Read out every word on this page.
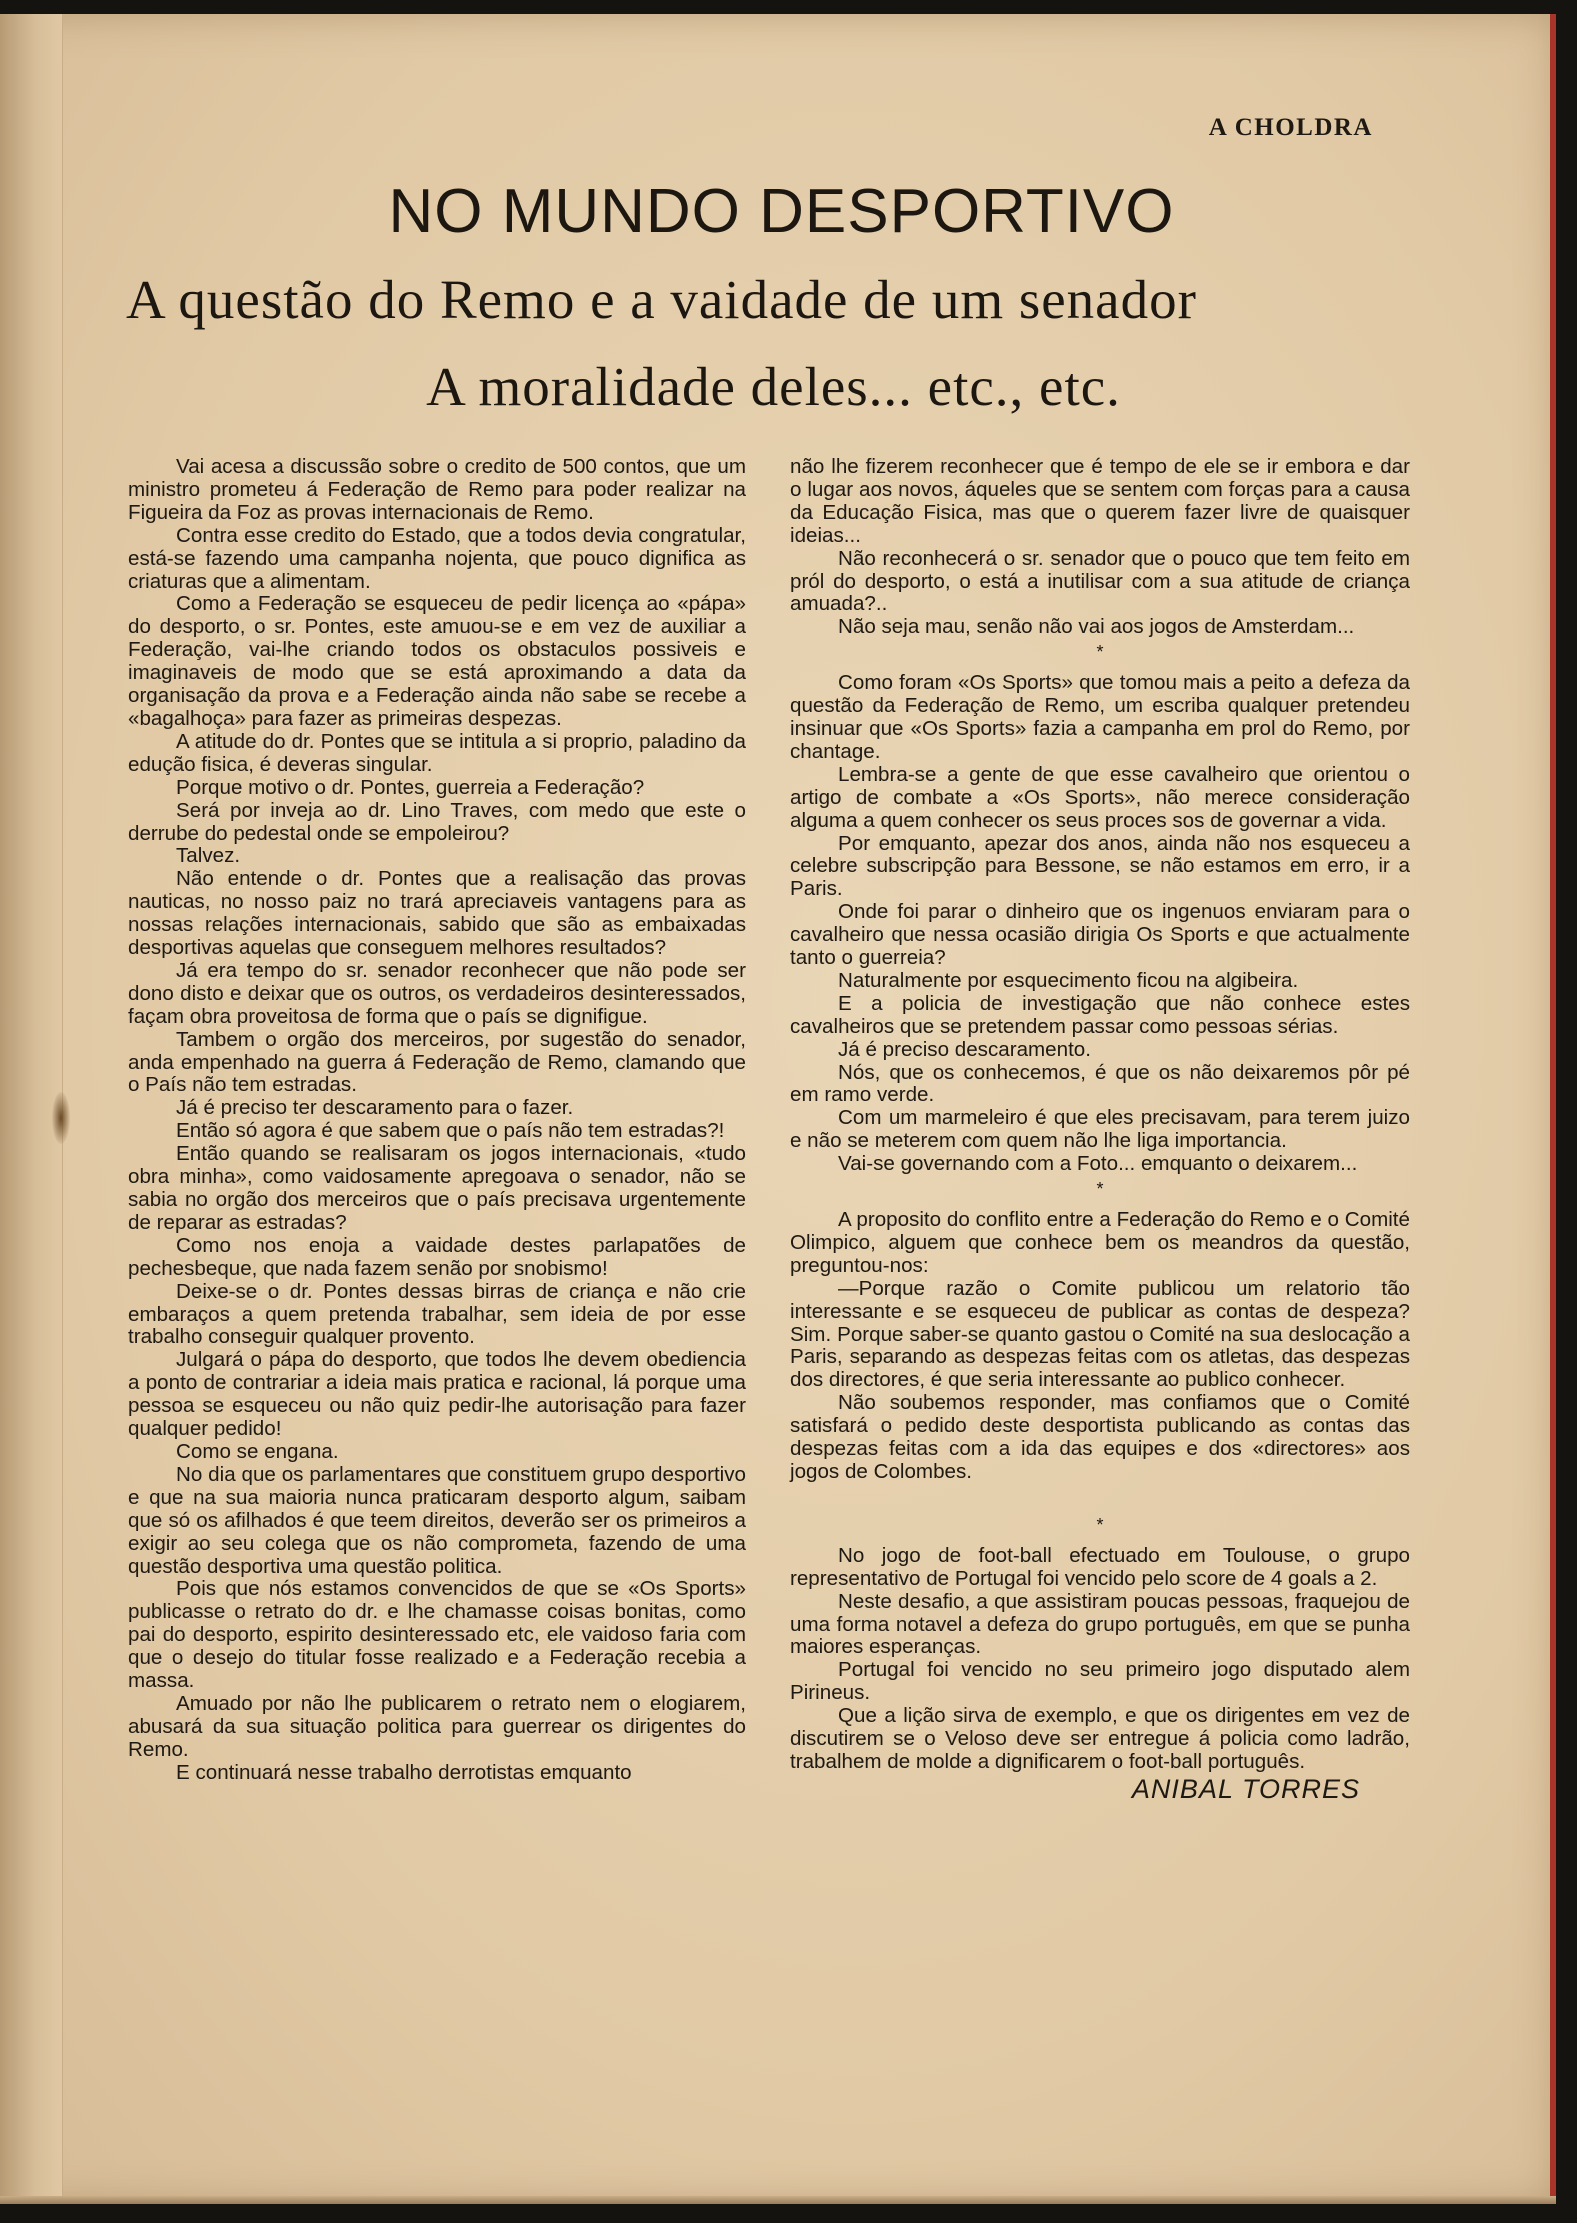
A CHOLDRA
NO MUNDO DESPORTIVO
A questão do Remo e a vaidade de um senador
A moralidade deles... etc., etc.

Vai acesa a discussão sobre o credito de 500 contos, que um ministro prometeu á Federação de Remo para poder realizar na Figueira da Foz as provas internacionais de Remo.

Contra esse credito do Estado, que a todos devia congratular, está-se fazendo uma campanha nojenta, que pouco dignifica as criaturas que a alimentam.

Como a Federação se esqueceu de pedir licença ao «pápa» do desporto, o sr. Pontes, este amuou-se e em vez de auxiliar a Federação, vai-lhe criando todos os obstaculos possiveis e imaginaveis de modo que se está aproximando a data da organisação da prova e a Federação ainda não sabe se recebe a «bagalhoça» para fazer as primeiras despezas.

A atitude do dr. Pontes que se intitula a si proprio, paladino da edução fisica, é deveras singular.

Porque motivo o dr. Pontes, guerreia a Federação?

Será por inveja ao dr. Lino Traves, com medo que este o derrube do pedestal onde se empoleirou?

Talvez.

Não entende o dr. Pontes que a realisação das provas nauticas, no nosso paiz no trará apreciaveis vantagens para as nossas relações internacionais, sabido que são as embaixadas desportivas aquelas que conseguem melhores resultados?

Já era tempo do sr. senador reconhecer que não pode ser dono disto e deixar que os outros, os verdadeiros desinteressados, façam obra proveitosa de forma que o país se dignifigue.

Tambem o orgão dos merceiros, por sugestão do senador, anda empenhado na guerra á Federação de Remo, clamando que o País não tem estradas.

Já é preciso ter descaramento para o fazer.

Então só agora é que sabem que o país não tem estradas?!

Então quando se realisaram os jogos internacionais, «tudo obra minha», como vaidosamente apregoava o senador, não se sabia no orgão dos merceiros que o país precisava urgentemente de reparar as estradas?

Como nos enoja a vaidade destes parlapatões de pechesbeque, que nada fazem senão por snobismo!

Deixe-se o dr. Pontes dessas birras de criança e não crie embaraços a quem pretenda trabalhar, sem ideia de por esse trabalho conseguir qualquer provento.

Julgará o pápa do desporto, que todos lhe devem obediencia a ponto de contrariar a ideia mais pratica e racional, lá porque uma pessoa se esqueceu ou não quiz pedir-lhe autorisação para fazer qualquer pedido!

Como se engana.

No dia que os parlamentares que constituem grupo desportivo e que na sua maioria nunca praticaram desporto algum, saibam que só os afilhados é que teem direitos, deverão ser os primeiros a exigir ao seu colega que os não comprometa, fazendo de uma questão desportiva uma questão politica.

Pois que nós estamos convencidos de que se «Os Sports» publicasse o retrato do dr. e lhe chamasse coisas bonitas, como pai do desporto, espirito desinteressado etc, ele vaidoso faria com que o desejo do titular fosse realizado e a Federação recebia a massa.

Amuado por não lhe publicarem o retrato nem o elogiarem, abusará da sua situação politica para guerrear os dirigentes do Remo.

E continuará nesse trabalho derrotistas emquanto

não lhe fizerem reconhecer que é tempo de ele se ir embora e dar o lugar aos novos, áqueles que se sentem com forças para a causa da Educação Fisica, mas que o querem fazer livre de quaisquer ideias...

Não reconhecerá o sr. senador que o pouco que tem feito em pról do desporto, o está a inutilisar com a sua atitude de criança amuada?..

Não seja mau, senão não vai aos jogos de Amsterdam...

*

Como foram «Os Sports» que tomou mais a peito a defeza da questão da Federação de Remo, um escriba qualquer pretendeu insinuar que «Os Sports» fazia a campanha em prol do Remo, por chantage.

Lembra-se a gente de que esse cavalheiro que orientou o artigo de combate a «Os Sports», não merece consideração alguma a quem conhecer os seus proces sos de governar a vida.

Por emquanto, apezar dos anos, ainda não nos esqueceu a celebre subscripção para Bessone, se não estamos em erro, ir a Paris.

Onde foi parar o dinheiro que os ingenuos enviaram para o cavalheiro que nessa ocasião dirigia Os Sports e que actualmente tanto o guerreia?

Naturalmente por esquecimento ficou na algibeira.

E a policia de investigação que não conhece estes cavalheiros que se pretendem passar como pessoas sérias.

Já é preciso descaramento.

Nós, que os conhecemos, é que os não deixaremos pôr pé em ramo verde.

Com um marmeleiro é que eles precisavam, para terem juizo e não se meterem com quem não lhe liga importancia.

Vai-se governando com a Foto... emquanto o deixarem...

*

A proposito do conflito entre a Federação do Remo e o Comité Olimpico, alguem que conhece bem os meandros da questão, preguntou-nos:

—Porque razão o Comite publicou um relatorio tão interessante e se esqueceu de publicar as contas de despeza? Sim. Porque saber-se quanto gastou o Comité na sua deslocação a Paris, separando as despezas feitas com os atletas, das despezas dos directores, é que seria interessante ao publico conhecer.

Não soubemos responder, mas confiamos que o Comité satisfará o pedido deste desportista publicando as contas das despezas feitas com a ida das equipes e dos «directores» aos jogos de Colombes.

*

No jogo de foot-ball efectuado em Toulouse, o grupo representativo de Portugal foi vencido pelo score de 4 goals a 2.

Neste desafio, a que assistiram poucas pessoas, fraquejou de uma forma notavel a defeza do grupo português, em que se punha maiores esperanças.

Portugal foi vencido no seu primeiro jogo disputado alem Pirineus.

Que a lição sirva de exemplo, e que os dirigentes em vez de discutirem se o Veloso deve ser entregue á policia como ladrão, trabalhem de molde a dignificarem o foot-ball português.

ANIBAL TORRES
